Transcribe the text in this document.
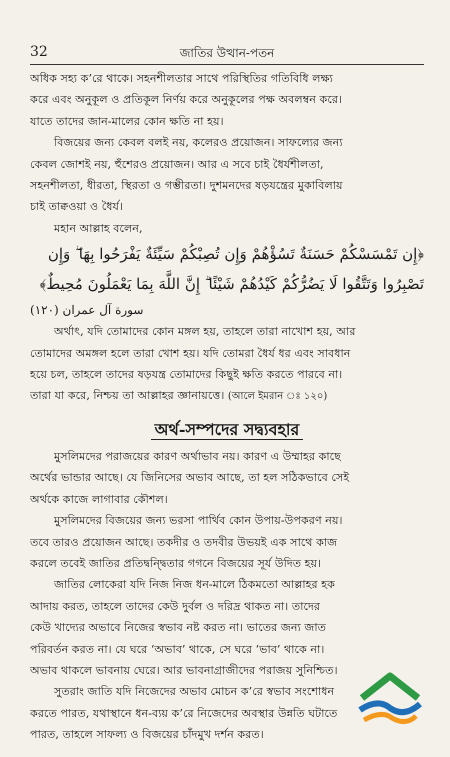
32	জাতির উত্থান-পতন
অধিক সহ্য ক’রে থাকে। সহনশীলতার সাথে পরিস্থিতির গতিবিধি লক্ষ্য
করে এবং অনুকূল ও প্রতিকূল নির্ণয় করে অনুকূলের পক্ষ অবলম্বন করে।
যাতে তাদের জান-মালের কোন ক্ষতি না হয়।
বিজয়ের জন্য কেবল বলই নয়, কলেরও প্রয়োজন। সাফল্যের জন্য
কেবল জোশই নয়, হুঁশেরও প্রয়োজন। আর এ সবে চাই ধৈর্যশীলতা,
সহনশীলতা, ধীরতা, স্থিরতা ও গম্ভীরতা। দুশমনদের ষড়যন্ত্রের মুকাবিলায়
চাই তাক্বওয়া ও ধৈর্য।
মহান আল্লাহ বলেন,
﴿إِن تَمْسَسْكُمْ حَسَنَةٌ تَسُؤْهُمْ وَإِن تُصِبْكُمْ سَيِّئَةٌ يَفْرَحُوا بِهَا ۖ وَإِن
تَصْبِرُوا وَتَتَّقُوا لَا يَضُرُّكُمْ كَيْدُهُمْ شَيْئًا ۗ إِنَّ اللَّهَ بِمَا يَعْمَلُونَ مُحِيطٌ﴾
سورة آل عمران (١٢٠)
অর্থাৎ, যদি তোমাদের কোন মঙ্গল হয়, তাহলে তারা নাখোশ হয়, আর
তোমাদের অমঙ্গল হলে তারা খোশ হয়। যদি তোমরা ধৈর্য ধর এবং সাবধান
হয়ে চল, তাহলে তাদের ষড়যন্ত্র তোমাদের কিছুই ক্ষতি করতে পারবে না।
তারা যা করে, নিশ্চয় তা আল্লাহর জ্ঞানায়ত্তে। (আলে ইমরান ঃ ১২০)
অর্থ-সম্পদের সদ্ব্যবহার
মুসলিমদের পরাজয়ের কারণ অর্থাভাব নয়। কারণ এ উম্মাহর কাছে
অর্থের ভান্ডার আছে। যে জিনিসের অভাব আছে, তা হল সঠিকভাবে সেই
অর্থকে কাজে লাগাবার কৌশল।
মুসলিমদের বিজয়ের জন্য ভরসা পার্থিব কোন উপায়-উপকরণ নয়।
তবে তারও প্রয়োজন আছে। তকদীর ও তদবীর উভয়ই এক সাথে কাজ
করলে তবেই জাতির প্রতিদ্বন্দ্বিতার গগনে বিজয়ের সূর্য উদিত হয়।
জাতির লোকেরা যদি নিজ নিজ ধন-মালে ঠিকমতো আল্লাহর হক
আদায় করত, তাহলে তাদের কেউ দুর্বল ও দরিদ্র থাকত না। তাদের
কেউ খাদ্যের অভাবে নিজের স্বভাব নষ্ট করত না। ভাতের জন্য জাত
পরিবর্তন করত না। যে ঘরে ‘অভাব’ থাকে, সে ঘরে ‘ভাব’ থাকে না।
অভাব থাকলে ভাবনায় ঘেরে। আর ভাবনাগ্রাজীদের পরাজয় সুনিশ্চিত।
সুতরাং জাতি যদি নিজেদের অভাব মোচন ক’রে স্বভাব সংশোধন
করতে পারত, যথাস্থানে ধন-ব্যয় ক’রে নিজেদের অবস্থার উন্নতি ঘটাতে
পারত, তাহলে সাফল্য ও বিজয়ের চাঁদমুখ দর্শন করত।
